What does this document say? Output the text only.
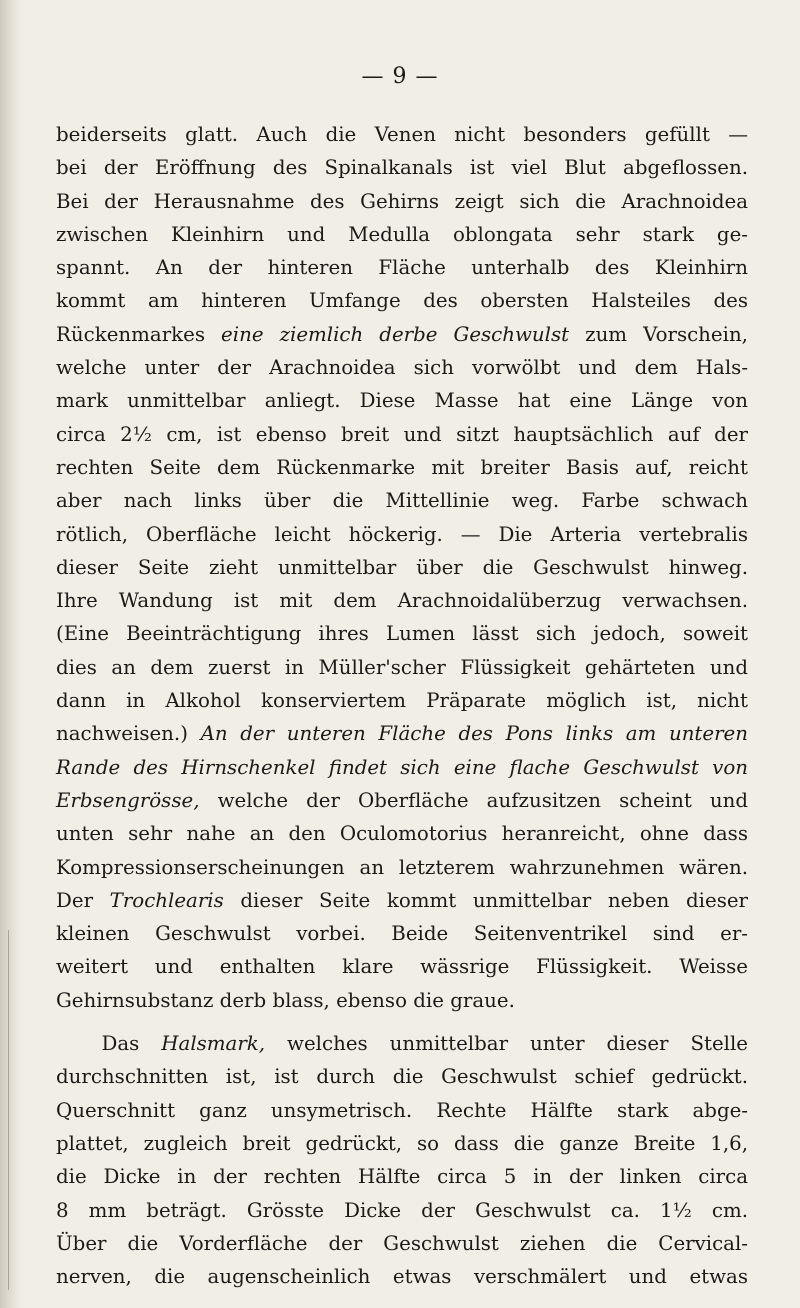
— 9 —

beiderseits glatt. Auch die Venen nicht besonders gefüllt —

bei der Eröffnung des Spinalkanals ist viel Blut abgeflossen.

Bei der Herausnahme des Gehirns zeigt sich die Arachnoidea

zwischen Kleinhirn und Medulla oblongata sehr stark ge-

spannt. An der hinteren Fläche unterhalb des Kleinhirn

kommt am hinteren Umfange des obersten Halsteiles des

Rückenmarkes eine ziemlich derbe Geschwulst zum Vorschein,

welche unter der Arachnoidea sich vorwölbt und dem Hals-

mark unmittelbar anliegt. Diese Masse hat eine Länge von

circa 2½ cm, ist ebenso breit und sitzt hauptsächlich auf der

rechten Seite dem Rückenmarke mit breiter Basis auf, reicht

aber nach links über die Mittellinie weg. Farbe schwach

rötlich, Oberfläche leicht höckerig. — Die Arteria vertebralis

dieser Seite zieht unmittelbar über die Geschwulst hinweg.

Ihre Wandung ist mit dem Arachnoidalüberzug verwachsen.

(Eine Beeinträchtigung ihres Lumen lässt sich jedoch, soweit

dies an dem zuerst in Müller'scher Flüssigkeit gehärteten und

dann in Alkohol konserviertem Präparate möglich ist, nicht

nachweisen.) An der unteren Fläche des Pons links am unteren

Rande des Hirnschenkel findet sich eine flache Geschwulst von

Erbsengrösse, welche der Oberfläche aufzusitzen scheint und

unten sehr nahe an den Oculomotorius heranreicht, ohne dass

Kompressionserscheinungen an letzterem wahrzunehmen wären.

Der Trochlearis dieser Seite kommt unmittelbar neben dieser

kleinen Geschwulst vorbei. Beide Seitenventrikel sind er-

weitert und enthalten klare wässrige Flüssigkeit. Weisse

Gehirnsubstanz derb blass, ebenso die graue.

Das Halsmark, welches unmittelbar unter dieser Stelle

durchschnitten ist, ist durch die Geschwulst schief gedrückt.

Querschnitt ganz unsymetrisch. Rechte Hälfte stark abge-

plattet, zugleich breit gedrückt, so dass die ganze Breite 1,6,

die Dicke in der rechten Hälfte circa 5 in der linken circa

8 mm beträgt. Grösste Dicke der Geschwulst ca. 1½ cm.

Über die Vorderfläche der Geschwulst ziehen die Cervical-

nerven, die augenscheinlich etwas verschmälert und etwas
